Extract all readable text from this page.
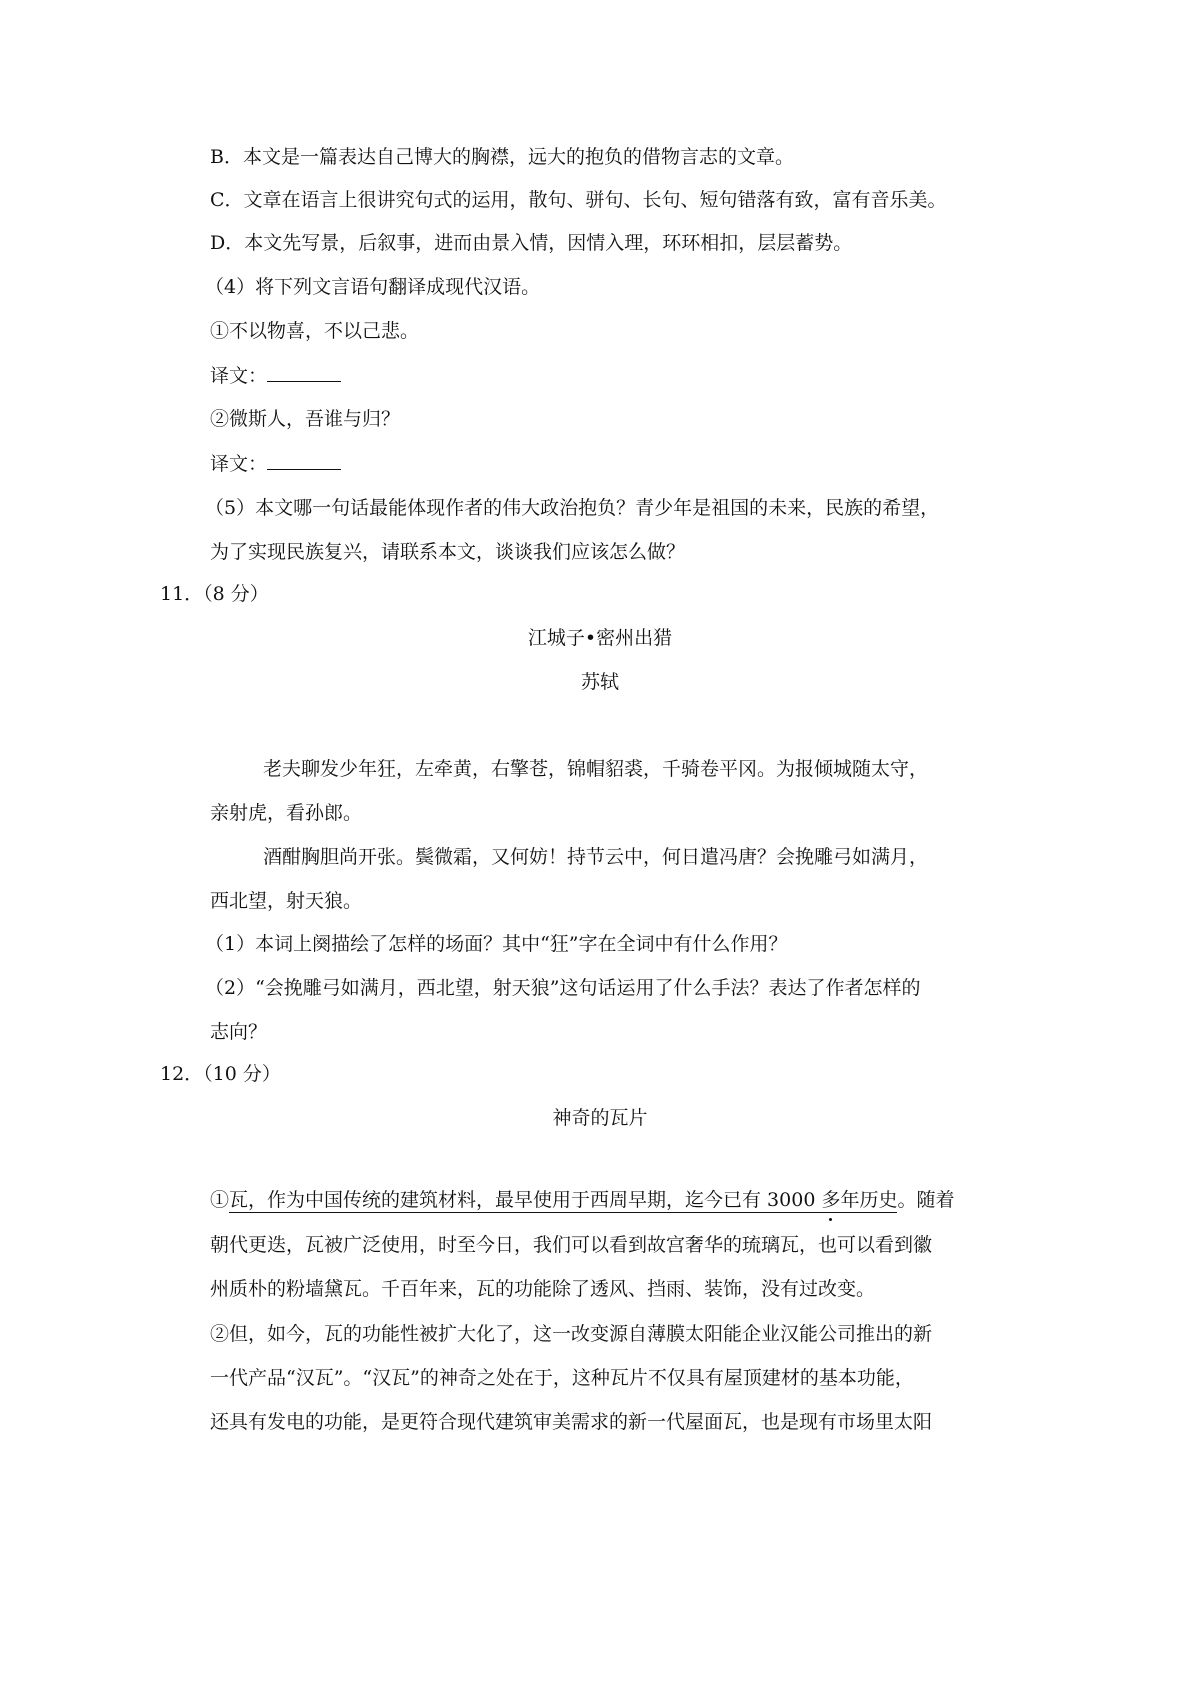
B．本文是一篇表达自己博大的胸襟，远大的抱负的借物言志的文章。
C．文章在语言上很讲究句式的运用，散句、骈句、长句、短句错落有致，富有音乐美。
D．本文先写景，后叙事，进而由景入情，因情入理，环环相扣，层层蓄势。
（4）将下列文言语句翻译成现代汉语。
①不以物喜，不以己悲。
译文：
②微斯人，吾谁与归？
译文：
（5）本文哪一句话最能体现作者的伟大政治抱负？青少年是祖国的未来，民族的希望，
为了实现民族复兴，请联系本文，谈谈我们应该怎么做？
11．（8 分）
江城子•密州出猎
苏轼
老夫聊发少年狂，左牵黄，右擎苍，锦帽貂裘，千骑卷平冈。为报倾城随太守，
亲射虎，看孙郎。
酒酣胸胆尚开张。鬓微霜，又何妨！持节云中，何日遣冯唐？会挽雕弓如满月，
西北望，射天狼。
（1）本词上阕描绘了怎样的场面？其中“狂”字在全词中有什么作用？
（2）“会挽雕弓如满月，西北望，射天狼”这句话运用了什么手法？表达了作者怎样的
志向？
12．（10 分）
神奇的瓦片
①瓦，作为中国传统的建筑材料，最早使用于西周早期，迄今已有 3000 多年历史。随着
朝代更迭，瓦被广泛使用，时至今日，我们可以看到故宫奢华的琉璃瓦，也可以看到徽
州质朴的粉墙黛瓦。千百年来，瓦的功能除了透风、挡雨、装饰，没有过改变。
②但，如今，瓦的功能性被扩大化了，这一改变源自薄膜太阳能企业汉能公司推出的新
一代产品“汉瓦”。“汉瓦”的神奇之处在于，这种瓦片不仅具有屋顶建材的基本功能，
还具有发电的功能，是更符合现代建筑审美需求的新一代屋面瓦，也是现有市场里太阳
